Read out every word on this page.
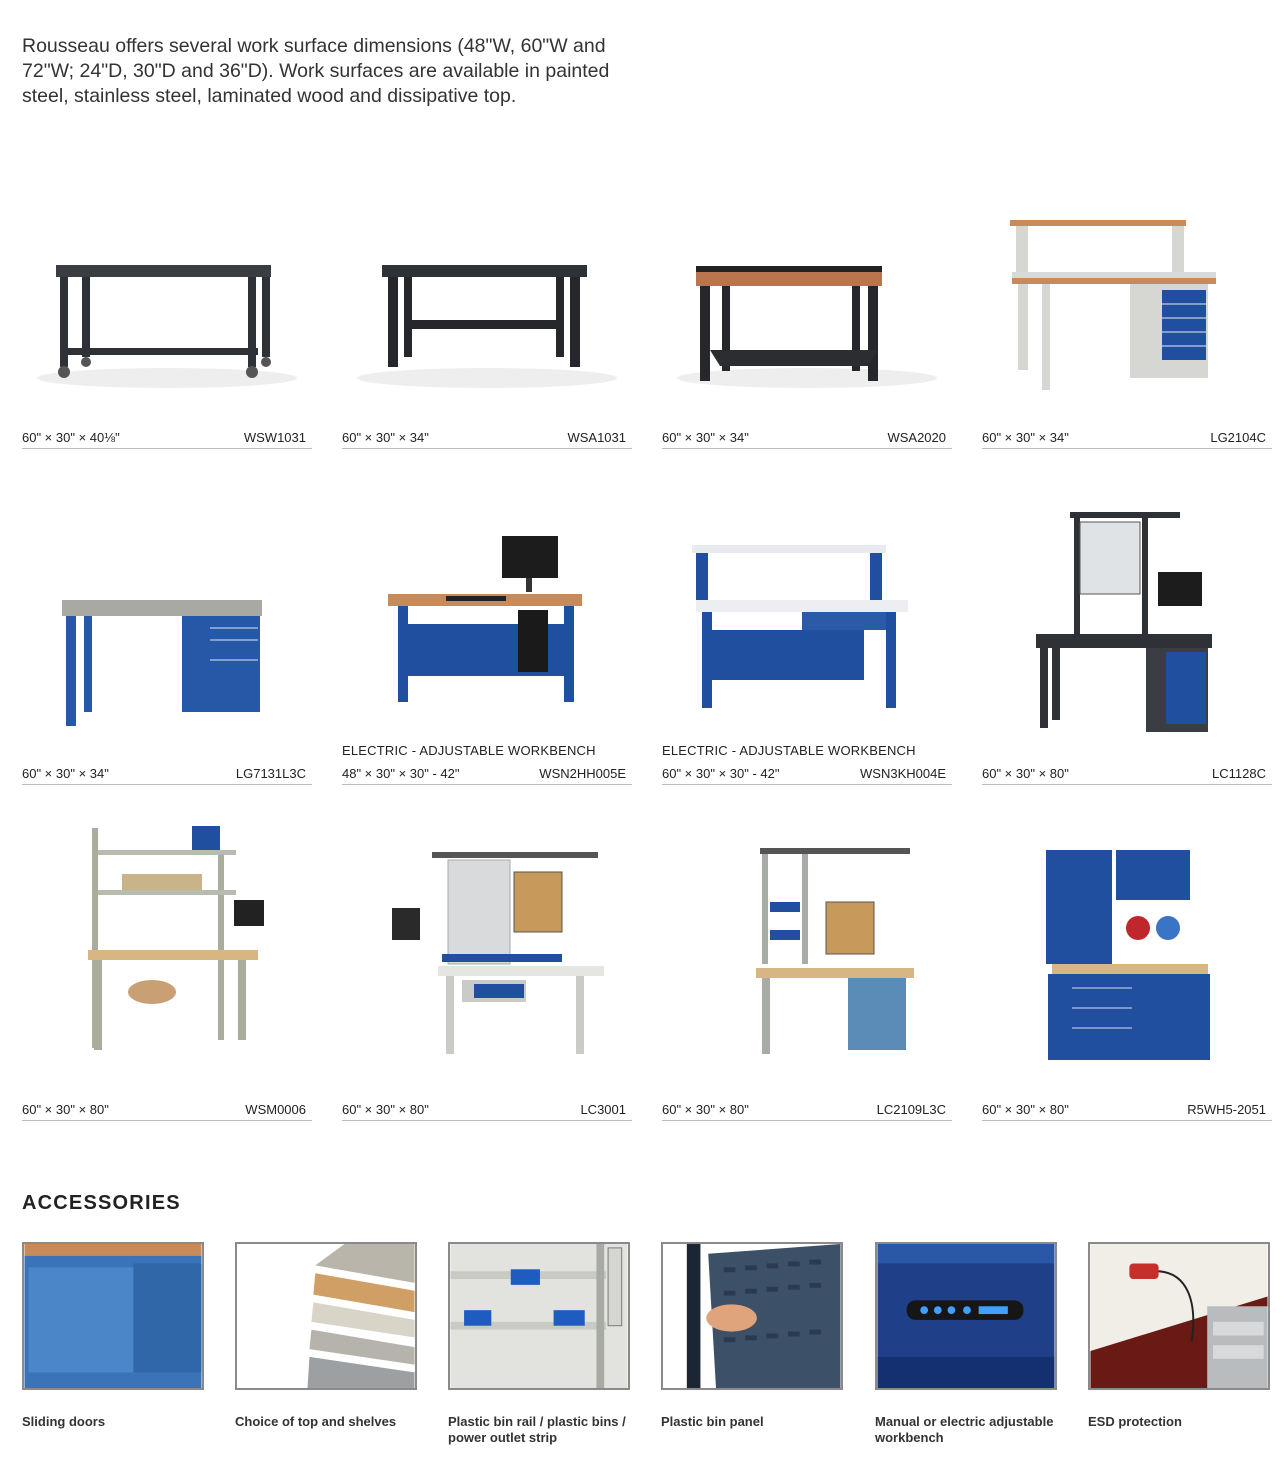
Rousseau offers several work surface dimensions (48"W, 60"W and 72"W; 24"D, 30"D and 36"D). Work surfaces are available in painted steel, stainless steel, laminated wood and dissipative top.

60" × 30" × 40⅛"	WSW1031	60" × 30" × 34"	WSA1031	60" × 30" × 34"	WSA2020	60" × 30" × 34"	LG2104C
60" × 30" × 34"	LG7131L3C
ELECTRIC - ADJUSTABLE WORKBENCH
48" × 30" × 30" - 42"	WSN2HH005E
ELECTRIC - ADJUSTABLE WORKBENCH
60" × 30" × 30" - 42"	WSN3KH004E	60" × 30" × 80"	LC1128C
60" × 30" × 80"	WSM0006	60" × 30" × 80"	LC3001	60" × 30" × 80"	LC2109L3C	60" × 30" × 80"	R5WH5-2051
ACCESSORIES

Sliding doors	Choice of top and shelves	Plastic bin rail / plastic bins / power outlet strip

Plastic bin panel	Manual or electric adjustable workbench

ESD protection
